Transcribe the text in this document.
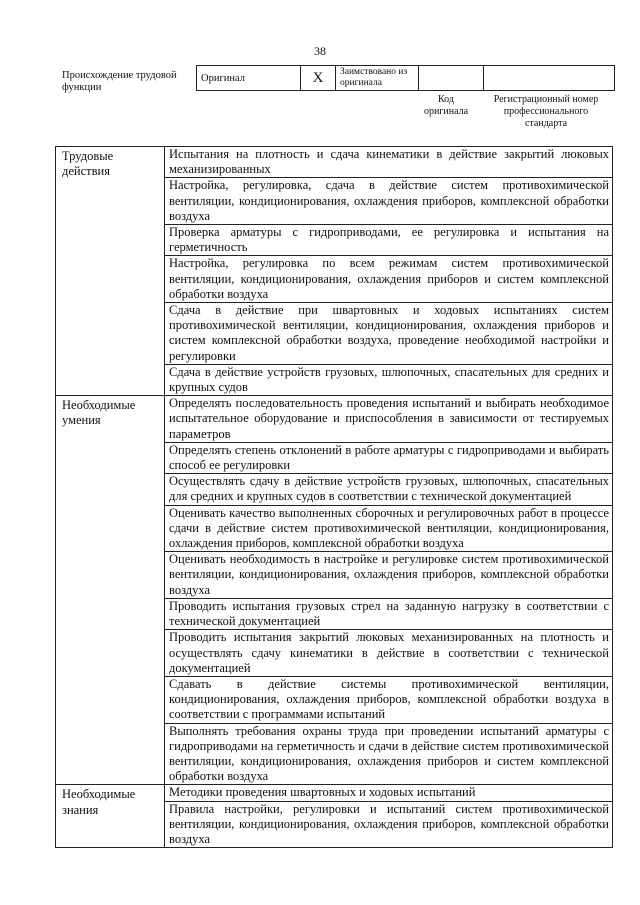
38
Происхождение трудовой функции
Оригинал	X	Заимствовано из оригинала		
Код оригинала
Регистрационный номер профессионального стандарта
Трудовые действия	Испытания на плотность и сдача кинематики в действие закрытий люковых механизированных
	Настройка, регулировка, сдача в действие систем противохимической вентиляции, кондиционирования, охлаждения приборов, комплексной обработки воздуха
	Проверка арматуры с гидроприводами, ее регулировка и испытания на герметичность
	Настройка, регулировка по всем режимам систем противохимической вентиляции, кондиционирования, охлаждения приборов и систем комплексной обработки воздуха
	Сдача в действие при швартовных и ходовых испытаниях систем противохимической вентиляции, кондиционирования, охлаждения приборов и систем комплексной обработки воздуха, проведение необходимой настройки и регулировки
	Сдача в действие устройств грузовых, шлюпочных, спасательных для средних и крупных судов
Необходимые умения	Определять последовательность проведения испытаний и выбирать необходимое испытательное оборудование и приспособления в зависимости от тестируемых параметров
	Определять степень отклонений в работе арматуры с гидроприводами и выбирать способ ее регулировки
	Осуществлять сдачу в действие устройств грузовых, шлюпочных, спасательных для средних и крупных судов в соответствии с технической документацией
	Оценивать качество выполненных сборочных и регулировочных работ в процессе сдачи в действие систем противохимической вентиляции, кондиционирования, охлаждения приборов, комплексной обработки воздуха
	Оценивать необходимость в настройке и регулировке систем противохимической вентиляции, кондиционирования, охлаждения приборов, комплексной обработки воздуха
	Проводить испытания грузовых стрел на заданную нагрузку в соответствии с технической документацией
	Проводить испытания закрытий люковых механизированных на плотность и осуществлять сдачу кинематики в действие в соответствии с технической документацией
	Сдавать в действие системы противохимической вентиляции, кондиционирования, охлаждения приборов, комплексной обработки воздуха в соответствии с программами испытаний
	Выполнять требования охраны труда при проведении испытаний арматуры с гидроприводами на герметичность и сдачи в действие систем противохимической вентиляции, кондиционирования, охлаждения приборов и систем комплексной обработки воздуха
Необходимые знания	Методики проведения швартовных и ходовых испытаний
	Правила настройки, регулировки и испытаний систем противохимической вентиляции, кондиционирования, охлаждения приборов, комплексной обработки воздуха
